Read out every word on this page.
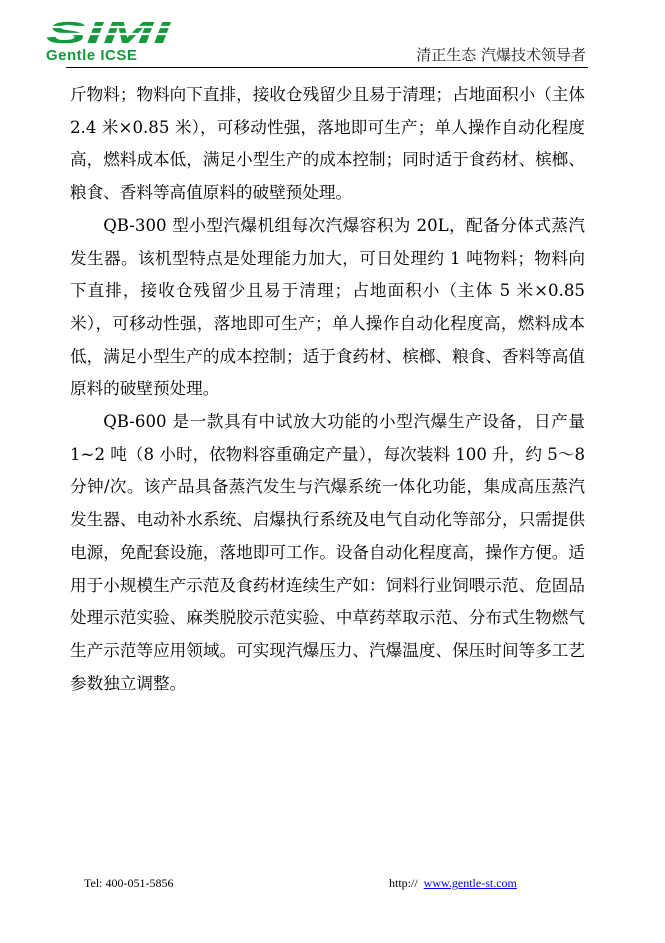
SIMI
Gentle ICSE	清正生态 汽爆技术领导者

斤物料；物料向下直排，接收仓残留少且易于清理；占地面积小（主体 2.4 米×0.85 米），可移动性强，落地即可生产；单人操作自动化程度高，燃料成本低，满足小型生产的成本控制；同时适于食药材、槟榔、粮食、香料等高值原料的破壁预处理。

QB-300 型小型汽爆机组每次汽爆容积为 20L，配备分体式蒸汽发生器。该机型特点是处理能力加大，可日处理约 1 吨物料；物料向下直排，接收仓残留少且易于清理；占地面积小（主体 5 米×0.85 米），可移动性强，落地即可生产；单人操作自动化程度高，燃料成本低，满足小型生产的成本控制；适于食药材、槟榔、粮食、香料等高值原料的破壁预处理。

QB-600 是一款具有中试放大功能的小型汽爆生产设备，日产量 1~2 吨（8 小时，依物料容重确定产量），每次装料 100 升，约 5～8 分钟/次。该产品具备蒸汽发生与汽爆系统一体化功能，集成高压蒸汽发生器、电动补水系统、启爆执行系统及电气自动化等部分，只需提供电源，免配套设施，落地即可工作。设备自动化程度高，操作方便。适用于小规模生产示范及食药材连续生产如：饲料行业饲喂示范、危固品处理示范实验、麻类脱胶示范实验、中草药萃取示范、分布式生物燃气生产示范等应用领域。可实现汽爆压力、汽爆温度、保压时间等多工艺参数独立调整。

Tel: 400-051-5856	http:// www.gentle-st.com
